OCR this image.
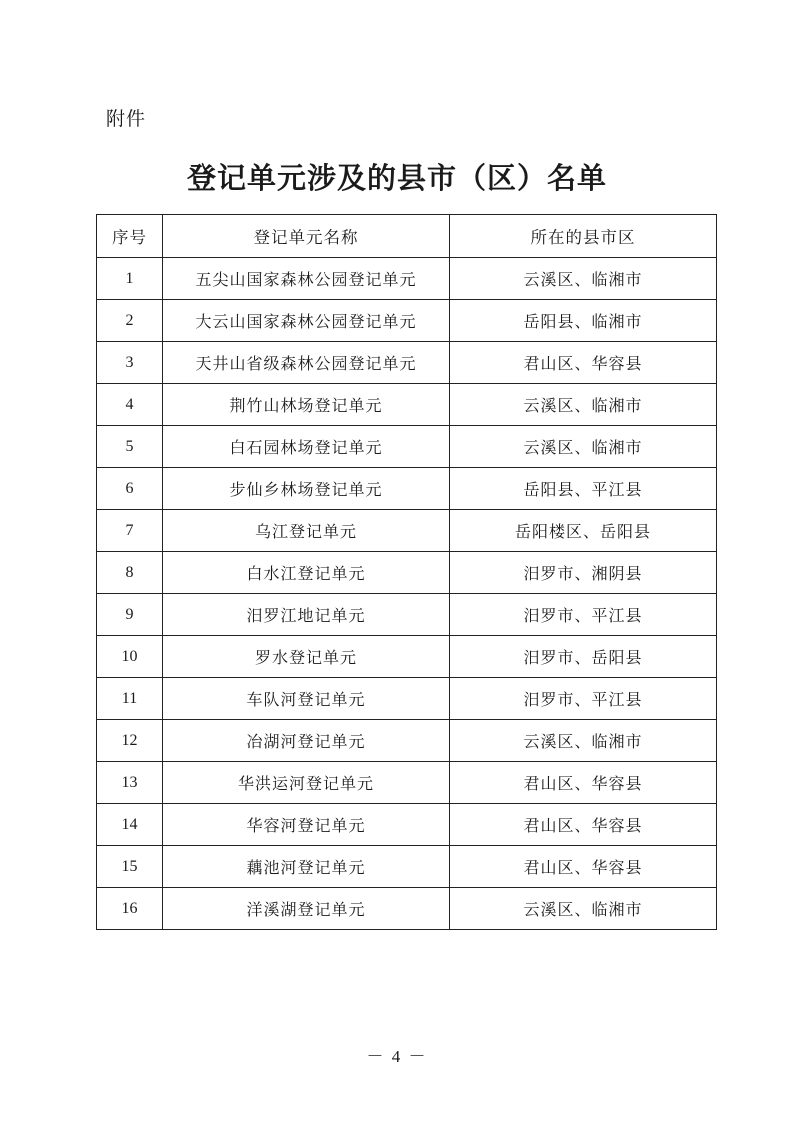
附件
登记单元涉及的县市（区）名单
序号	登记单元名称	所在的县市区
1	五尖山国家森林公园登记单元	云溪区、临湘市
2	大云山国家森林公园登记单元	岳阳县、临湘市
3	天井山省级森林公园登记单元	君山区、华容县
4	荆竹山林场登记单元	云溪区、临湘市
5	白石园林场登记单元	云溪区、临湘市
6	步仙乡林场登记单元	岳阳县、平江县
7	乌江登记单元	岳阳楼区、岳阳县
8	白水江登记单元	汨罗市、湘阴县
9	汨罗江地记单元	汨罗市、平江县
10	罗水登记单元	汨罗市、岳阳县
11	车队河登记单元	汨罗市、平江县
12	冶湖河登记单元	云溪区、临湘市
13	华洪运河登记单元	君山区、华容县
14	华容河登记单元	君山区、华容县
15	藕池河登记单元	君山区、华容县
16	洋溪湖登记单元	云溪区、临湘市
－ 4 －
